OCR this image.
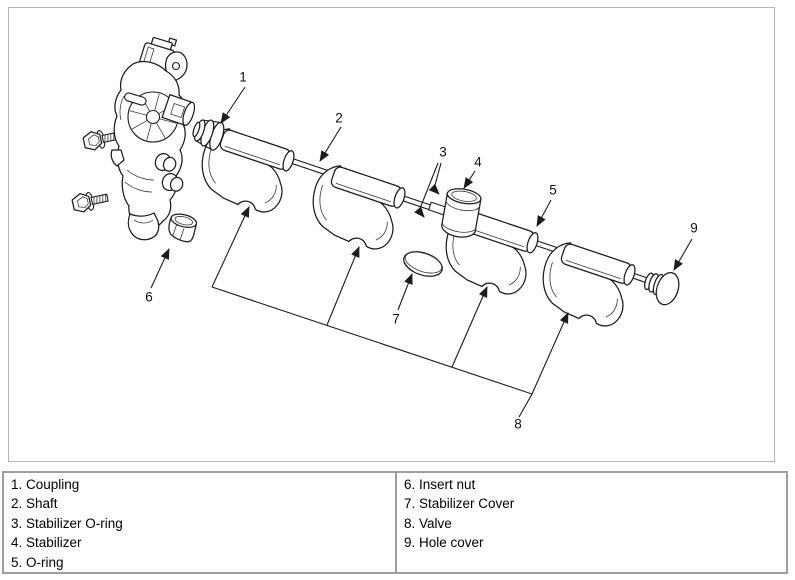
1
2
3
4
5
6
7
8
9
1. Coupling
2. Shaft
3. Stabilizer O-ring
4. Stabilizer
5. O-ring
6. Insert nut
7. Stabilizer Cover
8. Valve
9. Hole cover
